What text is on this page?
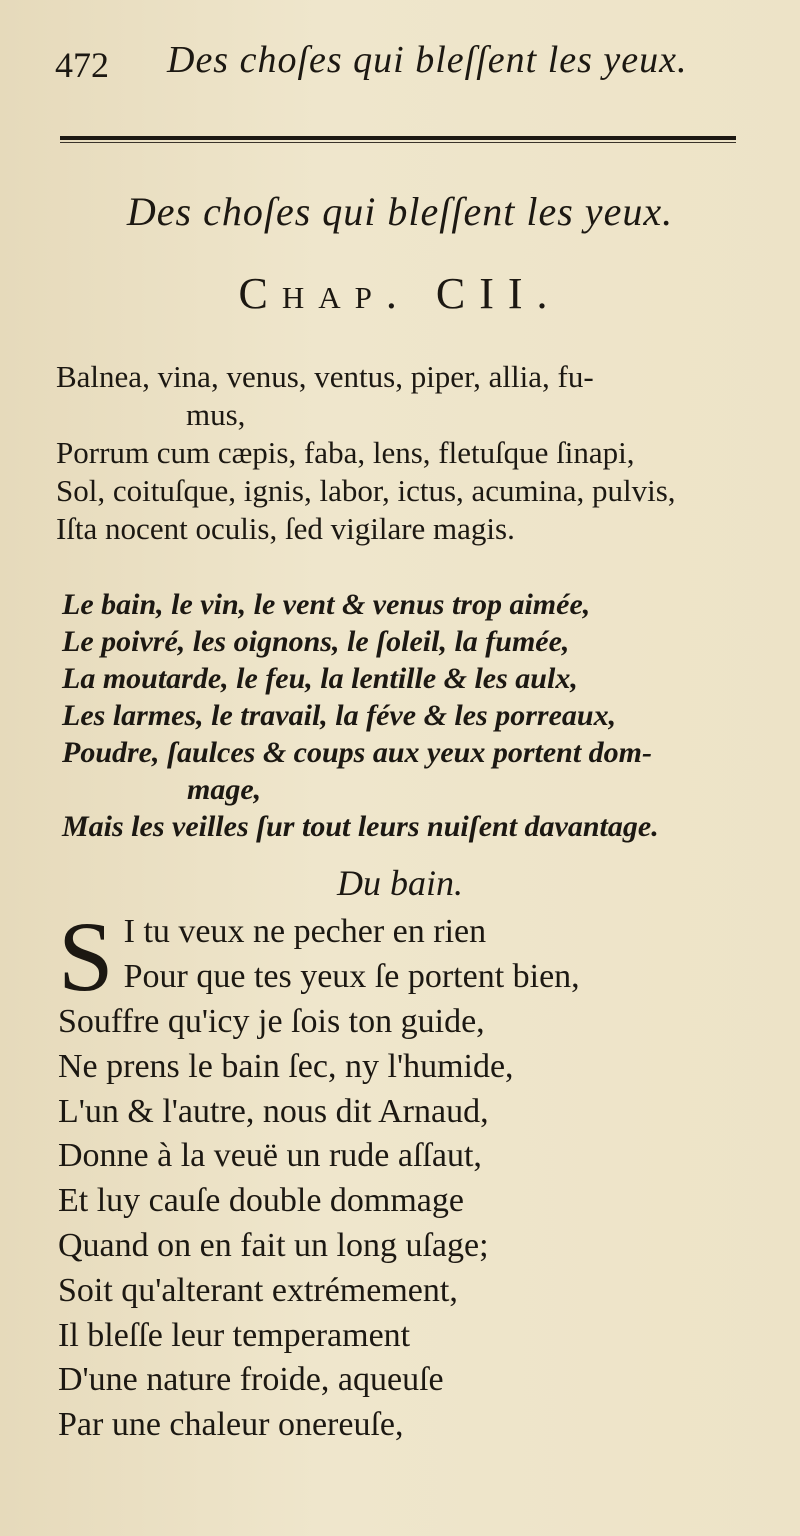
472 Des choſes qui bleſſent les yeux.
Des choſes qui bleſſent les yeux.
Chap. CII.
Balnea, vina, venus, ventus, piper, allia, fu-
mus,
Porrum cum cæpis, faba, lens, fletuſque ſinapi,
Sol, coituſque, ignis, labor, ictus, acumina, pulvis,
Iſta nocent oculis, ſed vigilare magis.
Le bain, le vin, le vent & venus trop aimée,
Le poivré, les oignons, le ſoleil, la fumée,
La moutarde, le feu, la lentille & les aulx,
Les larmes, le travail, la féve & les porreaux,
Poudre, ſaulces & coups aux yeux portent dom-
mage,
Mais les veilles ſur tout leurs nuiſent davantage.
Du bain.
S I tu veux ne pecher en rien
Pour que tes yeux ſe portent bien,
Souffre qu'icy je ſois ton guide,
Ne prens le bain ſec, ny l'humide,
L'un & l'autre, nous dit Arnaud,
Donne à la veuë un rude aſſaut,
Et luy cauſe double dommage
Quand on en fait un long uſage;
Soit qu'alterant extrémement,
Il bleſſe leur temperament
D'une nature froide, aqueuſe
Par une chaleur onereuſe,
